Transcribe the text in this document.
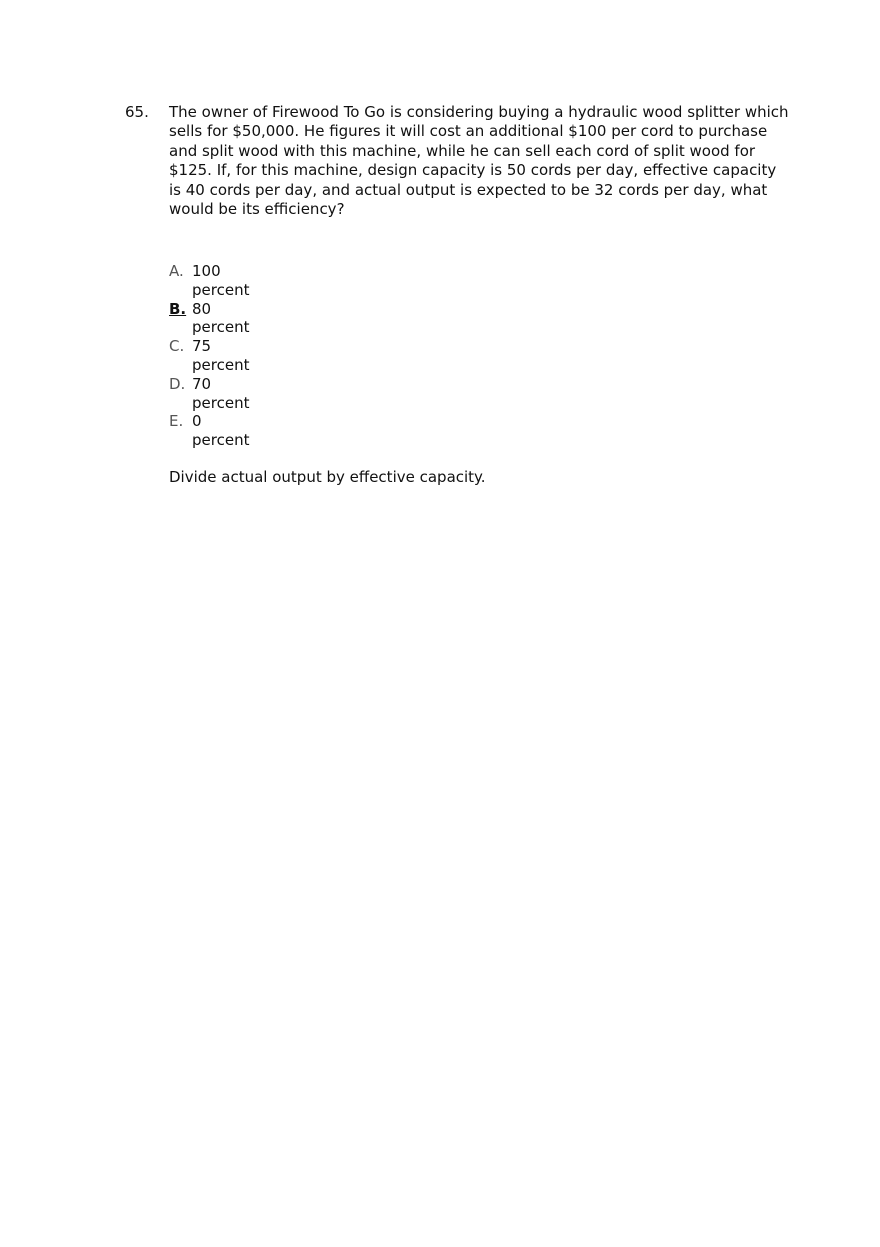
65. The owner of Firewood To Go is considering buying a hydraulic wood splitter which sells for $50,000. He figures it will cost an additional $100 per cord to purchase and split wood with this machine, while he can sell each cord of split wood for $125. If, for this machine, design capacity is 50 cords per day, effective capacity is 40 cords per day, and actual output is expected to be 32 cords per day, what would be its efficiency?
A. 100 percent
B. 80 percent
C. 75 percent
D. 70 percent
E. 0 percent
Divide actual output by effective capacity.
